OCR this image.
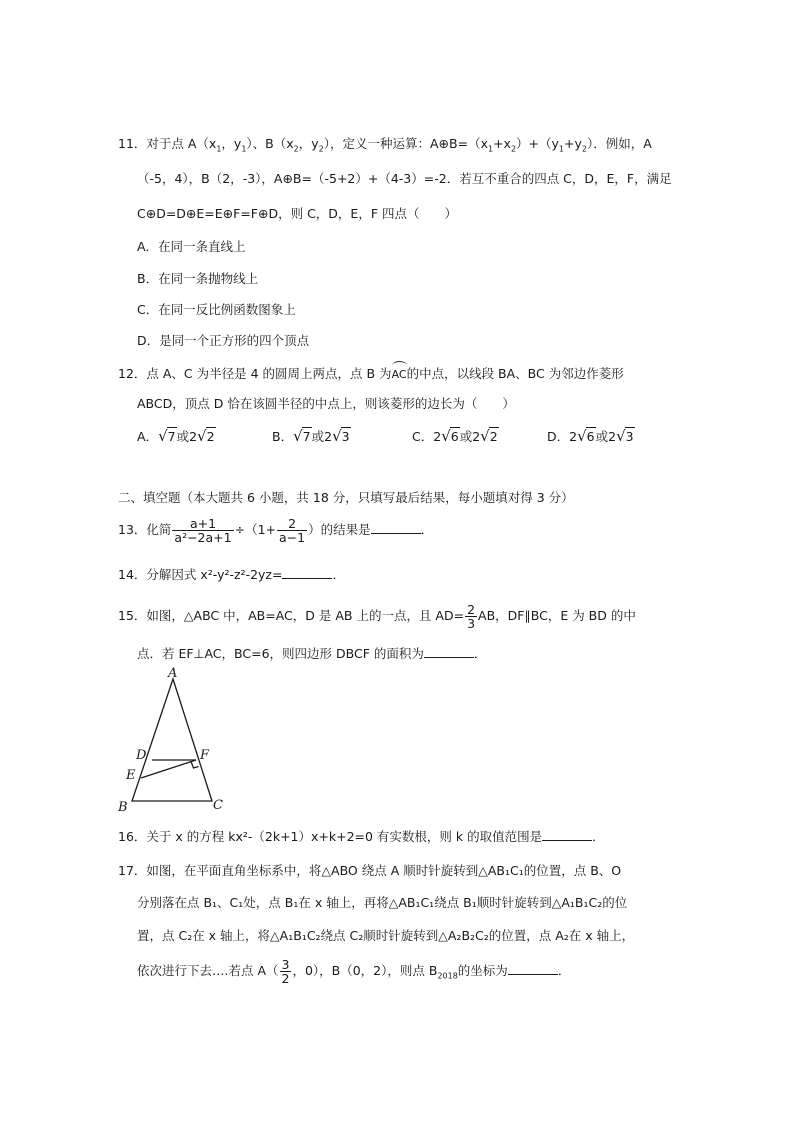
11．对于点 $A(x_1$，$y_1$）、$B(x_2$，$y_2$），定义一种运算：$A\oplus B=(x_1+x_2)+(y_1+y_2)$．例如，A
（-5，4），B（2，-3），A⊕B=（-5+2）+（4-3）=-2．若互不重合的四点 C，D，E，F，满足
C⊕D=D⊕E=E⊕F=F⊕D，则 C，D，E，F 四点（　　）
A．在同一条直线上
B．在同一条抛物线上
C．在同一反比例函数图象上
D．是同一个正方形的四个顶点
12．点 A、C 为半径是 4 的圆周上两点，点 B 为AC的中点，以线段 BA、BC 为邻边作菱形
ABCD，顶点 D 恰在该圆半径的中点上，则该菱形的边长为（　　）
A．√7或2√2	B．√7或2√3	C．2√6或2√2	D．2√6或2√3
二、填空题（本大题共 6 小题，共 18 分，只填写最后结果，每小题填对得 3 分）
13．化简 $\frac{a+1}{\text{a²−2a+1}} \div(1+ \frac{2}{a-1}$ ）的结果是	．
14．分解因式 x²-y²-z²-2yz=	．
15．如图，△ABC 中，AB=AC，D 是 AB 上的一点，且 $AD= \frac{2}{3}$ AB，DF∥BC，E 为 BD 的中
点．若 EF⊥AC，BC=6，则四边形 DBCF 的面积为	．
A
D	F
E
B	C
16．关于 x 的方程 kx²-（2k+1）x+k+2=0 有实数根，则 k 的取值范围是	．
17．如图，在平面直角坐标系中，将△ABO 绕点 A 顺时针旋转到△AB₁C₁的位置，点 B、O
分别落在点 B₁、C₁处，点 B₁在 x 轴上，再将△AB₁C₁绕点 B₁顺时针旋转到△A₁B₁C₂的位
置，点 C₂在 x 轴上，将△A₁B₁C₂绕点 C₂顺时针旋转到△A₂B₂C₂的位置，点 A₂在 x 轴上，
依次进行下去….若点 $A( \frac{3}{2}$ ，0），B（0，2），则点 $B_{2018}$的坐标为	．
